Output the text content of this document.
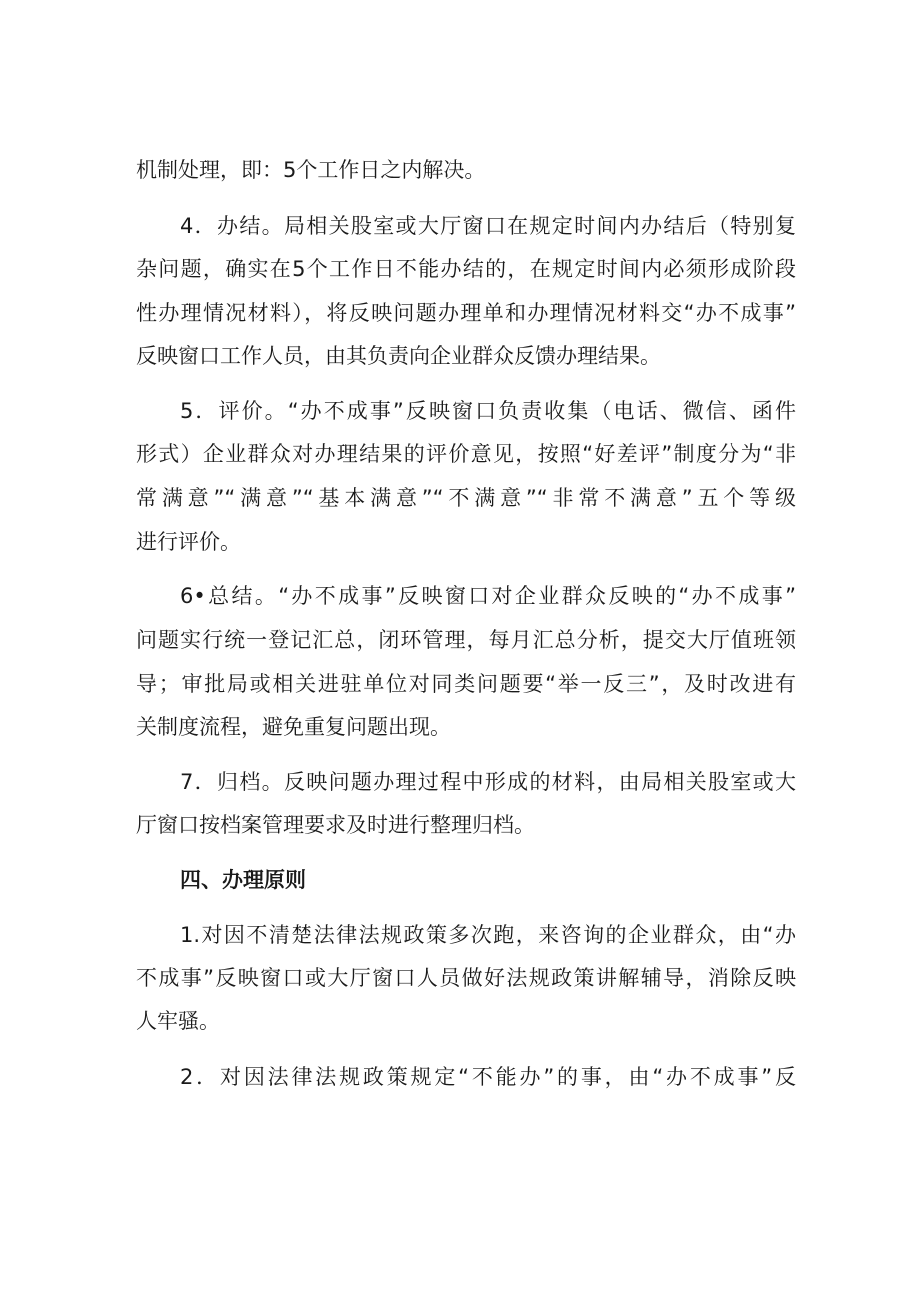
机制处理，即：5个工作日之内解决。
4．办结。局相关股室或大厅窗口在规定时间内办结后（特别复
杂问题，确实在5个工作日不能办结的，在规定时间内必须形成阶段
性办理情况材料），将反映问题办理单和办理情况材料交“办不成事”
反映窗口工作人员，由其负责向企业群众反馈办理结果。
5．评价。“办不成事”反映窗口负责收集（电话、微信、函件
形式）企业群众对办理结果的评价意见，按照“好差评”制度分为“非
常满意”“满意”“基本满意”“不满意”“非常不满意”五个等级
进行评价。
6•总结。“办不成事”反映窗口对企业群众反映的“办不成事”
问题实行统一登记汇总，闭环管理，每月汇总分析，提交大厅值班领
导；审批局或相关进驻单位对同类问题要“举一反三”，及时改进有
关制度流程，避免重复问题出现。
7．归档。反映问题办理过程中形成的材料，由局相关股室或大
厅窗口按档案管理要求及时进行整理归档。
四、办理原则
1.对因不清楚法律法规政策多次跑，来咨询的企业群众，由“办
不成事”反映窗口或大厅窗口人员做好法规政策讲解辅导，消除反映
人牢骚。
2．对因法律法规政策规定“不能办”的事，由“办不成事”反
